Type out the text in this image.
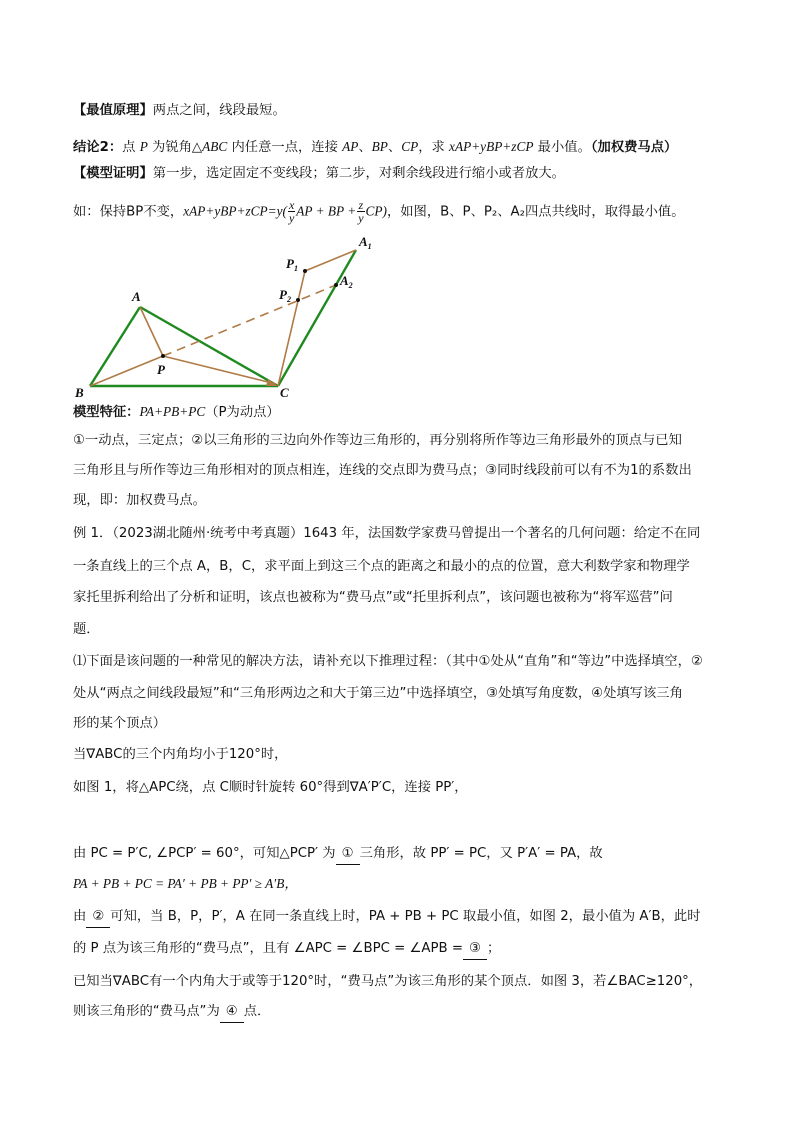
【最值原理】两点之间，线段最短。
结论2：点 P 为锐角△ABC 内任意一点，连接 AP、BP、CP，求 xAP+yBP+zCP 最小值。（加权费马点）
【模型证明】第一步，选定固定不变线段；第二步，对剩余线段进行缩小或者放大。
如：保持BP不变，$xAP+yBP+zCP=y( \frac{x}{y}$ AP + BP + $\frac{z}{y} CP$)，如图，B、P、P₂、A₂四点共线时，取得最小值。
A
B	C
P
$P_1$
$P_2$
$A_1$
$A_2$
模型特征：PA+PB+PC（P为动点）
①一动点，三定点；②以三角形的三边向外作等边三角形的，再分别将所作等边三角形最外的顶点与已知
三角形且与所作等边三角形相对的顶点相连，连线的交点即为费马点；③同时线段前可以有不为1的系数出
现，即：加权费马点。
例 1．（2023湖北随州·统考中考真题）1643 年，法国数学家费马曾提出一个著名的几何问题：给定不在同
一条直线上的三个点 A，B，C，求平面上到这三个点的距离之和最小的点的位置，意大利数学家和物理学
家托里拆利给出了分析和证明，该点也被称为“费马点”或“托里拆利点”，该问题也被称为“将军巡营”问
题．
⑴下面是该问题的一种常见的解决方法，请补充以下推理过程：（其中①处从“直角”和“等边”中选择填空，②
处从“两点之间线段最短”和“三角形两边之和大于第三边”中选择填空，③处填写角度数，④处填写该三角
形的某个顶点）
当∇ABC的三个内角均小于120°时，
如图 1，将△APC绕，点 C顺时针旋转 60°得到∇A′P′C，连接 PP′，
由 PC = P′C, ∠PCP′ = 60°，可知△PCP′ 为 ① 三角形，故 PP′ = PC，又 P′A′ = PA，故
PA + PB + PC = PA′ + PB + PP′ ≥ A′B，
由 ② 可知，当 B，P，P′，A 在同一条直线上时，PA + PB + PC 取最小值，如图 2，最小值为 A′B，此时
的 P 点为该三角形的“费马点”，且有 ∠APC = ∠BPC = ∠APB = ③ ；
已知当∇ABC有一个内角大于或等于120°时，“费马点”为该三角形的某个顶点．如图 3，若∠BAC≥120°，
则该三角形的“费马点”为 ④ 点．
